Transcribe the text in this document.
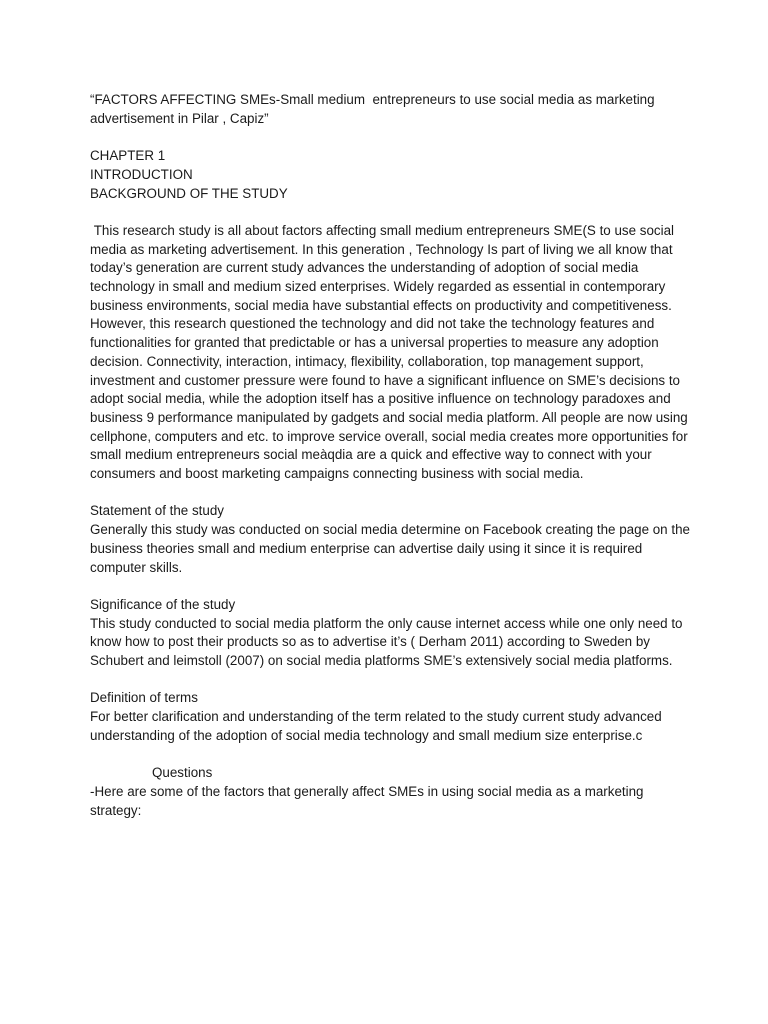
“FACTORS AFFECTING SMEs-Small medium  entrepreneurs to use social media as marketing advertisement in Pilar , Capiz”

CHAPTER 1

INTRODUCTION

BACKGROUND OF THE STUDY

This research study is all about factors affecting small medium entrepreneurs SME(S to use social media as marketing advertisement. In this generation , Technology Is part of living we all know that today’s generation are current study advances the understanding of adoption of social media technology in small and medium sized enterprises. Widely regarded as essential in contemporary business environments, social media have substantial effects on productivity and competitiveness. However, this research questioned the technology and did not take the technology features and functionalities for granted that predictable or has a universal properties to measure any adoption decision. Connectivity, interaction, intimacy, flexibility, collaboration, top management support, investment and customer pressure were found to have a significant influence on SME’s decisions to adopt social media, while the adoption itself has a positive influence on technology paradoxes and business 9 performance manipulated by gadgets and social media platform. All people are now using cellphone, computers and etc. to improve service overall, social media creates more opportunities for small medium entrepreneurs social meàqdia are a quick and effective way to connect with your consumers and boost marketing campaigns connecting business with social media.

Statement of the study

Generally this study was conducted on social media determine on Facebook creating the page on the business theories small and medium enterprise can advertise daily using it since it is required computer skills.

Significance of the study

This study conducted to social media platform the only cause internet access while one only need to know how to post their products so as to advertise it’s ( Derham 2011) according to Sweden by Schubert and leimstoll (2007) on social media platforms SME’s extensively social media platforms.

Definition of terms

For better clarification and understanding of the term related to the study current study advanced understanding of the adoption of social media technology and small medium size enterprise.c

Questions

-Here are some of the factors that generally affect SMEs in using social media as a marketing strategy:
